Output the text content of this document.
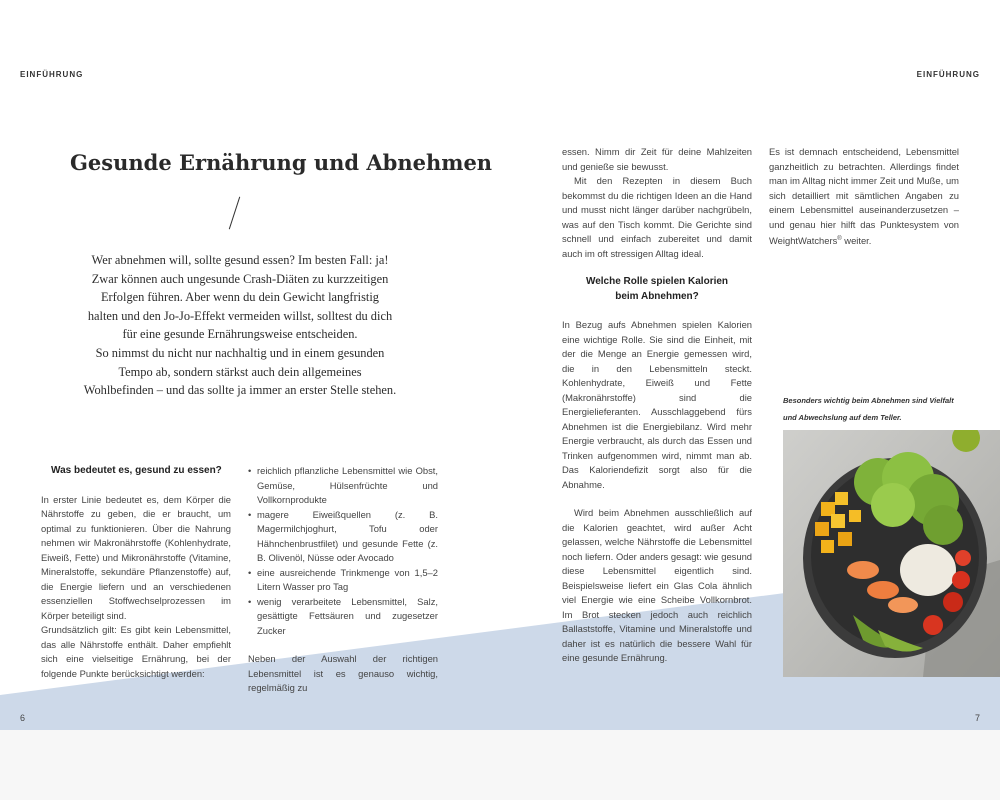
EINFÜHRUNG	EINFÜHRUNG
Gesunde Ernährung und Abnehmen
Wer abnehmen will, sollte gesund essen? Im besten Fall: ja!
Zwar können auch ungesunde Crash-Diäten zu kurzzeitigen
Erfolgen führen. Aber wenn du dein Gewicht langfristig
halten und den Jo-Jo-Effekt vermeiden willst, solltest du dich
für eine gesunde Ernährungsweise entscheiden.
So nimmst du nicht nur nachhaltig und in einem gesunden
Tempo ab, sondern stärkst auch dein allgemeines
Wohlbefinden – und das sollte ja immer an erster Stelle stehen.
Was bedeutet es, gesund zu essen?

In erster Linie bedeutet es, dem Körper die Nährstoffe zu geben, die er braucht, um optimal zu funktionieren. Über die Nahrung nehmen wir Makronährstoffe (Kohlenhydrate, Eiweiß, Fette) und Mikronährstoffe (Vitamine, Mineralstoffe, sekundäre Pflanzenstoffe) auf, die Energie liefern und an verschiedenen essenziellen Stoffwechselprozessen im Körper beteiligt sind.

Grundsätzlich gilt: Es gibt kein Lebensmittel, das alle Nährstoffe enthält. Daher empfiehlt sich eine vielseitige Ernährung, bei der folgende Punkte berücksichtigt werden:

• reichlich pflanzliche Lebensmittel wie Obst, Gemüse, Hülsenfrüchte und Vollkornprodukte
• magere Eiweißquellen (z. B. Magermilchjoghurt, Tofu oder Hähnchenbrustfilet) und gesunde Fette (z. B. Olivenöl, Nüsse oder Avocado
• eine ausreichende Trinkmenge von 1,5–2 Litern Wasser pro Tag
• wenig verarbeitete Lebensmittel, Salz, gesättigte Fettsäuren und zugesetzer Zucker

Neben der Auswahl der richtigen Lebensmittel ist es genauso wichtig, regelmäßig zu

essen. Nimm dir Zeit für deine Mahlzeiten und genieße sie bewusst.

Mit den Rezepten in diesem Buch bekommst du die richtigen Ideen an die Hand und musst nicht länger darüber nachgrübeln, was auf den Tisch kommt. Die Gerichte sind schnell und einfach zubereitet und damit auch im oft stressigen Alltag ideal.

Welche Rolle spielen Kalorien
beim Abnehmen?

In Bezug aufs Abnehmen spielen Kalorien eine wichtige Rolle. Sie sind die Einheit, mit der die Menge an Energie gemessen wird, die in den Lebensmitteln steckt. Kohlenhydrate, Eiweiß und Fette (Makronährstoffe) sind die Energielieferanten. Ausschlaggebend fürs Abnehmen ist die Energiebilanz. Wird mehr Energie verbraucht, als durch das Essen und Trinken aufgenommen wird, nimmt man ab. Das Kaloriendefizit sorgt also für die Abnahme.

Wird beim Abnehmen ausschließlich auf die Kalorien geachtet, wird außer Acht gelassen, welche Nährstoffe die Lebensmittel noch liefern. Oder anders gesagt: wie gesund diese Lebensmittel eigentlich sind. Beispielsweise liefert ein Glas Cola ähnlich viel Energie wie eine Scheibe Vollkornbrot. Im Brot stecken jedoch auch reichlich Ballaststoffe, Vitamine und Mineralstoffe und daher ist es natürlich die bessere Wahl für eine gesunde Ernährung.

Es ist demnach entscheidend, Lebensmittel ganzheitlich zu betrachten. Allerdings findet man im Alltag nicht immer Zeit und Muße, um sich detailliert mit sämtlichen Angaben zu einem Lebensmittel auseinanderzusetzen – und genau hier hilft das Punktesystem von WeightWatchers® weiter.

Besonders wichtig beim Abnehmen sind Vielfalt
und Abwechslung auf dem Teller.
6	7
